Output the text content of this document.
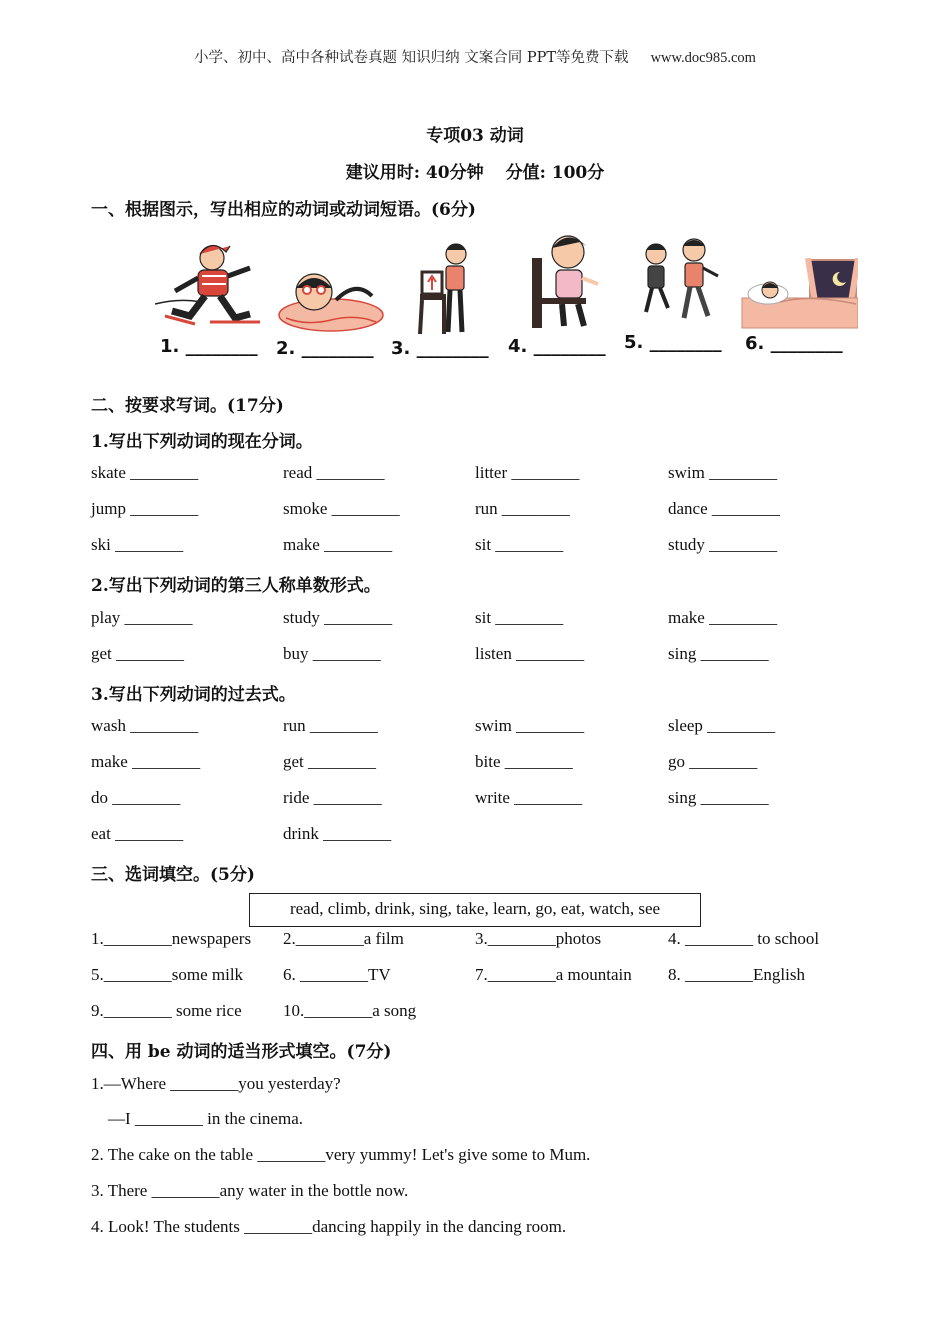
小学、初中、高中各种试卷真题 知识归纳 文案合同 PPT等免费下载 www.doc985.com
专项03 动词
建议用时: 40分钟 分值: 100分
一、根据图示，写出相应的动词或动词短语。(6分)
1. ________ 2. ________ 3. ________ 4. ________ 5. ________ 6. ________
二、按要求写词。(17分)
1.写出下列动词的现在分词。
skate ________	read ________	litter ________	swim ________
jump ________	smoke ________	run ________	dance ________
ski ________	make ________	sit ________	study ________
2.写出下列动词的第三人称单数形式。
play ________	study ________	sit ________	make ________
get ________	buy ________	listen ________	sing ________
3.写出下列动词的过去式。
wash ________	run ________	swim ________	sleep ________
make ________	get ________	bite ________	go ________
do ________	ride ________	write ________	sing ________
eat ________	drink ________
三、选词填空。(5分)
read, climb, drink, sing, take, learn, go, eat, watch, see
1.________newspapers 2.________a film	3.________photos	4. ________ to school
5.________some milk 6. ________TV	7.________a mountain 8. ________English
9.________ some rice 10.________a song
四、用 be 动词的适当形式填空。(7分)
1.—Where ________you yesterday?
—I ________ in the cinema.
2. The cake on the table ________very yummy! Let's give some to Mum.
3. There ________any water in the bottle now.
4. Look! The students ________dancing happily in the dancing room.
